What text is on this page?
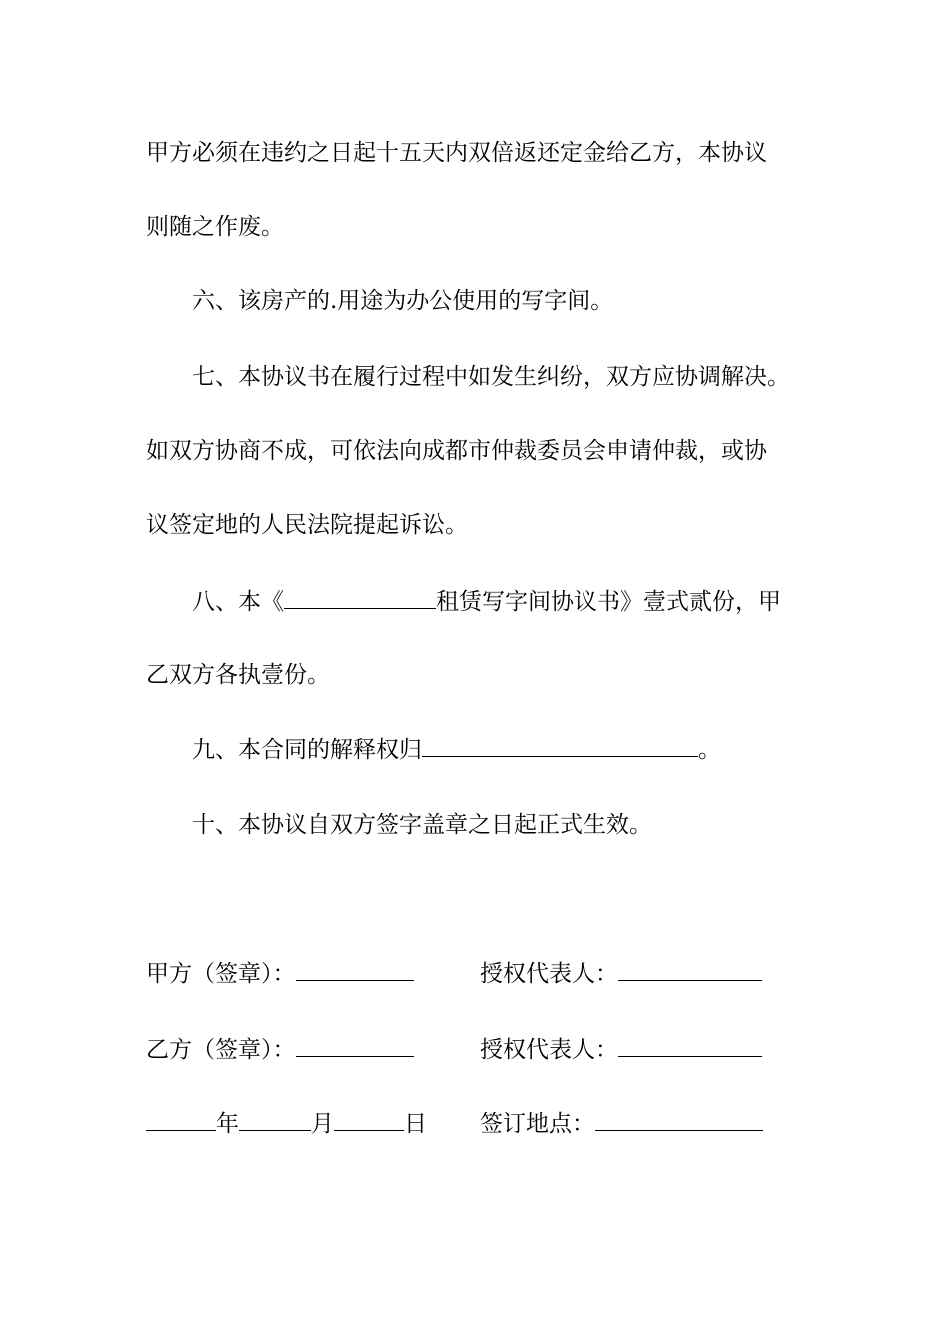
甲方必须在违约之日起十五天内双倍返还定金给乙方，本协议
则随之作废。
六、该房产的.用途为办公使用的写字间。
七、本协议书在履行过程中如发生纠纷，双方应协调解决。
如双方协商不成，可依法向成都市仲裁委员会申请仲裁，或协
议签定地的人民法院提起诉讼。
八、本《	租赁写字间协议书》壹式贰份，甲
乙双方各执壹份。
九、本合同的解释权归	。
十、本协议自双方签字盖章之日起正式生效。
甲方（签章）：	授权代表人：
乙方（签章）：	授权代表人：
年	月	日 签订地点：
